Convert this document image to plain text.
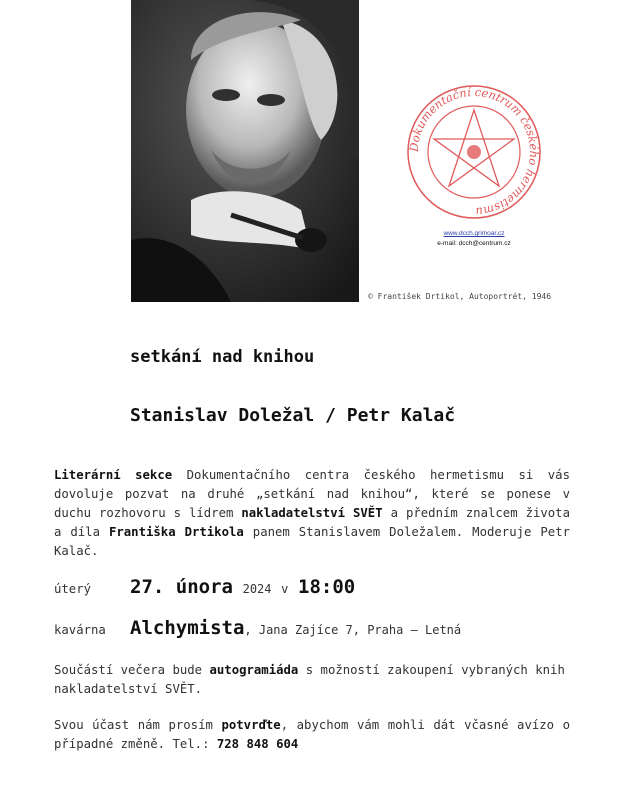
Dokumentační centrum českého hermetismu
www.dcch.grimoar.cz
e-mail: dcch@centrum.cz
© František Drtikol, Autoportrét, 1946
setkání nad knihou
Stanislav Doležal / Petr Kalač

Literární sekce Dokumentačního centra českého hermetismu si vás dovoluje pozvat na druhé „setkání nad knihou“, které se ponese v duchu rozhovoru s lídrem nakladatelství SVĚT a předním znalcem života a díla Františka Drtikola panem Stanislavem Doležalem. Moderuje Petr Kalač.

úterý 27. února 2024 v 18:00
kavárna Alchymista, Jana Zajíce 7, Praha – Letná

Součástí večera bude autogramiáda s možností zakoupení vybraných knih nakladatelství SVĚT.

Svou účast nám prosím potvrďte, abychom vám mohli dát včasné avízo o případné změně. Tel.: 728 848 604
